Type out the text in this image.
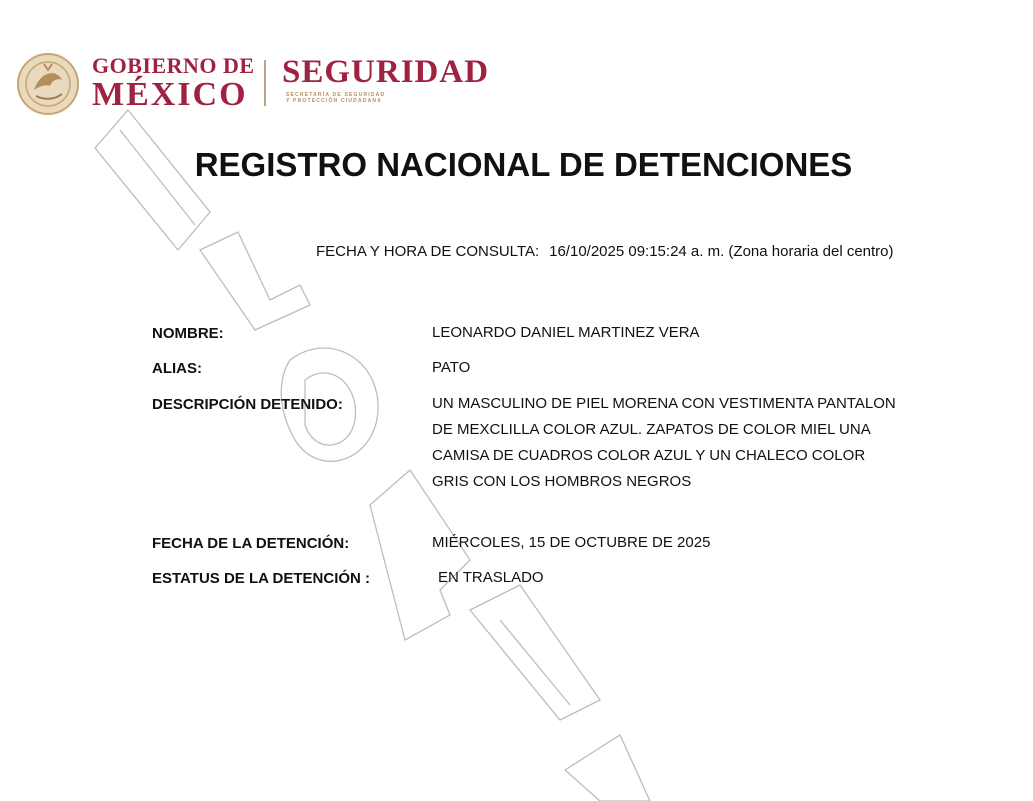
GOBIERNO DE
MÉXICO
SEGURIDAD
SECRETARÍA DE SEGURIDAD
Y PROTECCIÓN CIUDADANA
REGISTRO NACIONAL DE DETENCIONES
FECHA Y HORA DE CONSULTA: 16/10/2025 09:15:24 a. m. (Zona horaria del centro)
NOMBRE:	LEONARDO DANIEL MARTINEZ VERA
ALIAS:	PATO
DESCRIPCIÓN DETENIDO:	UN MASCULINO DE PIEL MORENA CON VESTIMENTA PANTALON DE MEXCLILLA COLOR AZUL. ZAPATOS DE COLOR MIEL UNA CAMISA DE CUADROS COLOR AZUL Y UN CHALECO COLOR GRIS CON LOS HOMBROS NEGROS
FECHA DE LA DETENCIÓN:	MIÉRCOLES, 15 DE OCTUBRE DE 2025
ESTATUS DE LA DETENCIÓN :	EN TRASLADO
